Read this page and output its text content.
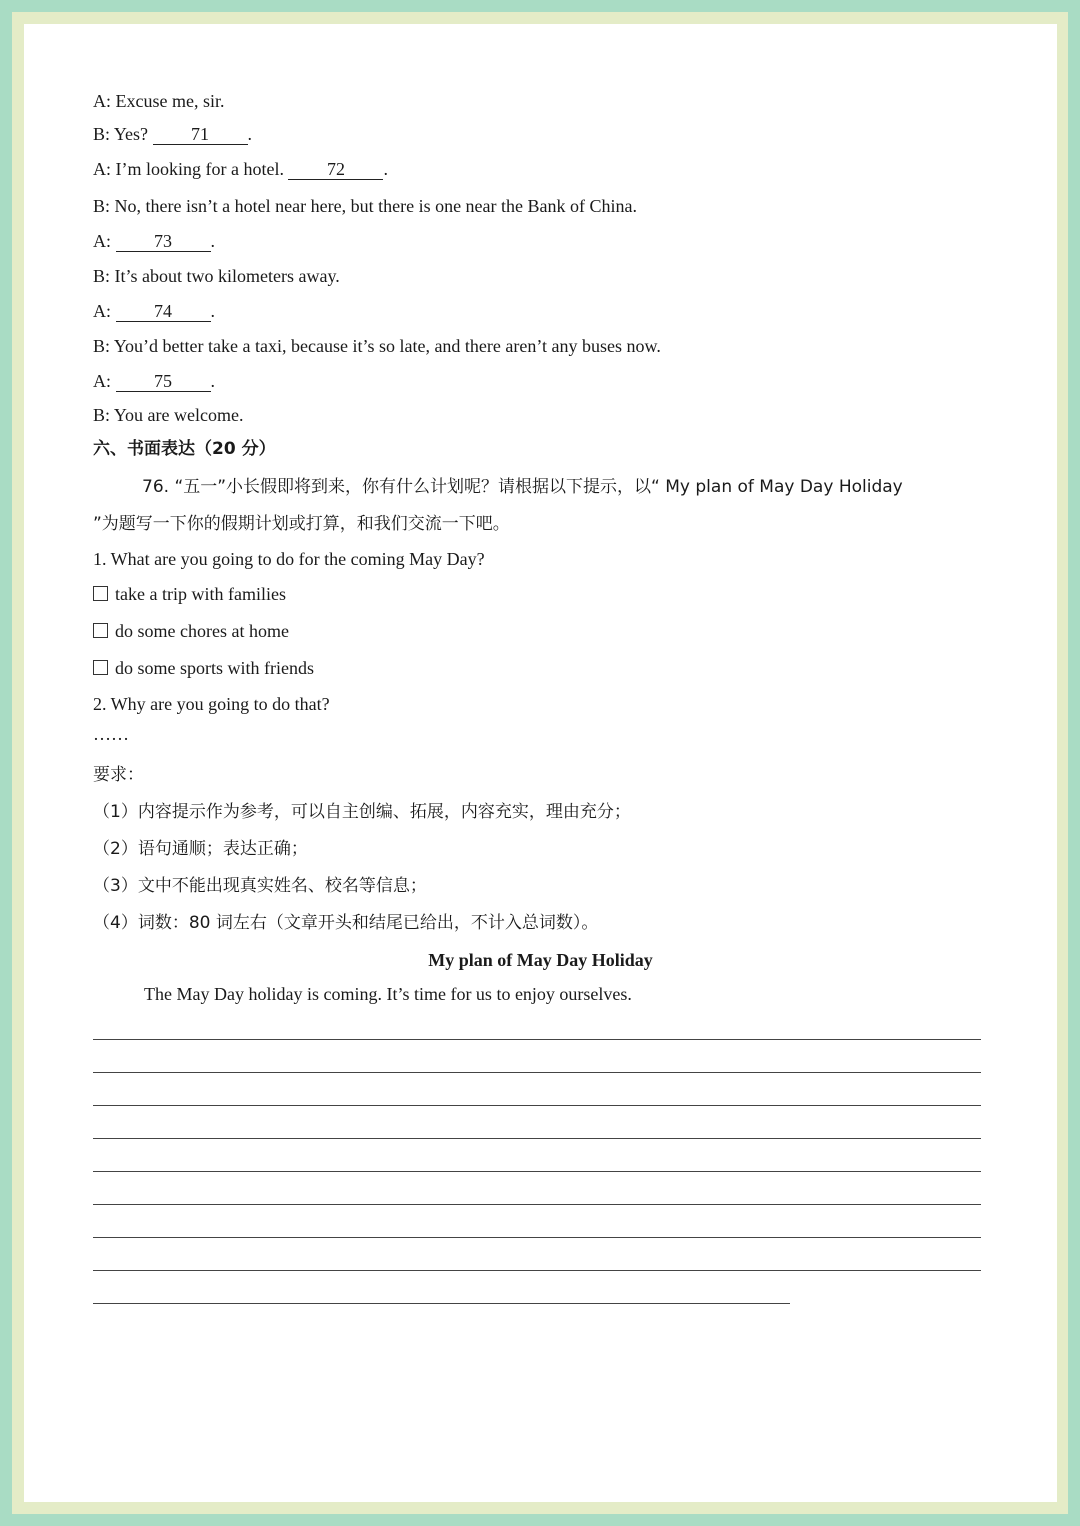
A: Excuse me, sir.
B: Yes? 71 .
A: I’m looking for a hotel. 72 .
B: No, there isn’t a hotel near here, but there is one near the Bank of China.
A: 73 .
B: It’s about two kilometers away.
A: 74 .
B: You’d better take a taxi, because it’s so late, and there aren’t any buses now.
A: 75 .
B: You are welcome.
六、书面表达（20 分）
76. “五一”小长假即将到来，你有什么计划呢？请根据以下提示，以“ My plan of May Day Holiday
”为题写一下你的假期计划或打算，和我们交流一下吧。
1. What are you going to do for the coming May Day?
take a trip with families
do some chores at home
do some sports with friends
2. Why are you going to do that?
……
要求：
（1）内容提示作为参考，可以自主创编、拓展，内容充实，理由充分；
（2）语句通顺；表达正确；
（3）文中不能出现真实姓名、校名等信息；
（4）词数：80 词左右（文章开头和结尾已给出，不计入总词数）。
My plan of May Day Holiday
The May Day holiday is coming. It’s time for us to enjoy ourselves.
